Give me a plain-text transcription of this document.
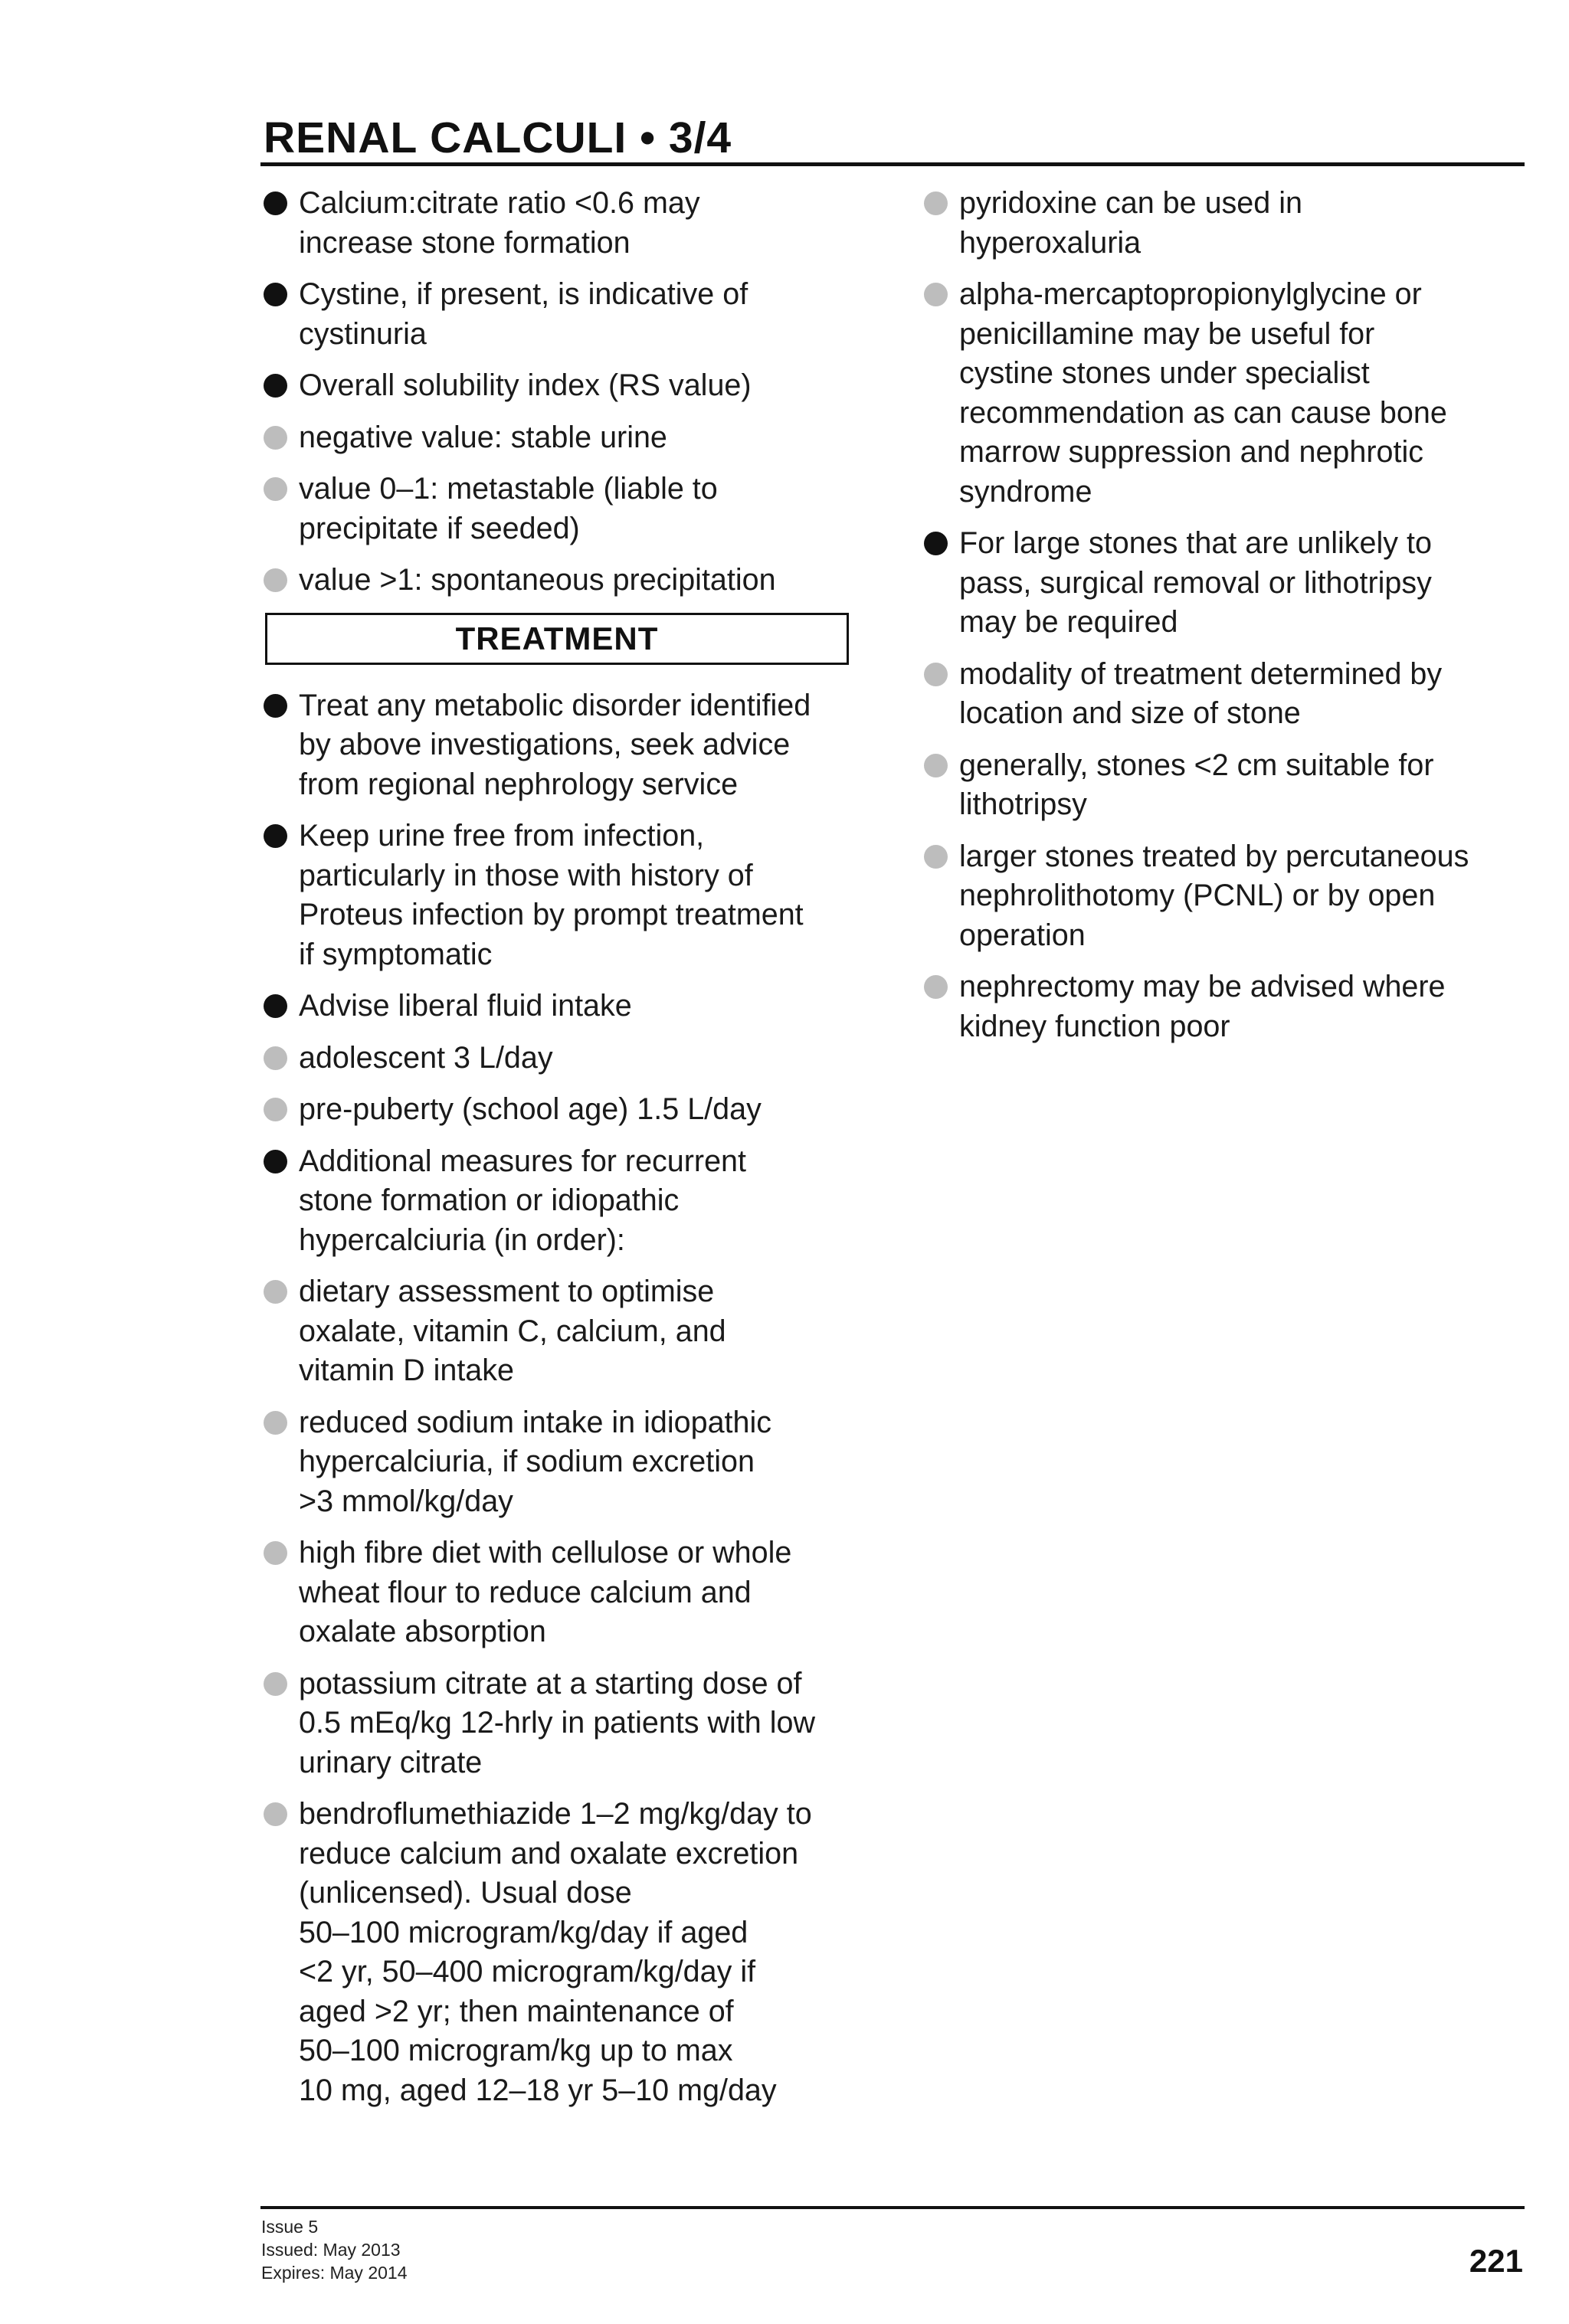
RENAL CALCULI • 3/4
Calcium:citrate ratio <0.6 may
increase stone formation
Cystine, if present, is indicative of
cystinuria
Overall solubility index (RS value)
negative value: stable urine
value 0–1: metastable (liable to
precipitate if seeded)
value >1: spontaneous precipitation
TREATMENT
Treat any metabolic disorder identified
by above investigations, seek advice
from regional nephrology service
Keep urine free from infection,
particularly in those with history of
Proteus infection by prompt treatment
if symptomatic
Advise liberal fluid intake
adolescent 3 L/day
pre-puberty (school age) 1.5 L/day
Additional measures for recurrent
stone formation or idiopathic
hypercalciuria (in order):
dietary assessment to optimise
oxalate, vitamin C, calcium, and
vitamin D intake
reduced sodium intake in idiopathic
hypercalciuria, if sodium excretion
>3 mmol/kg/day
high fibre diet with cellulose or whole
wheat flour to reduce calcium and
oxalate absorption
potassium citrate at a starting dose of
0.5 mEq/kg 12-hrly in patients with low
urinary citrate
bendroflumethiazide 1–2 mg/kg/day to
reduce calcium and oxalate excretion
(unlicensed). Usual dose
50–100 microgram/kg/day if aged
<2 yr, 50–400 microgram/kg/day if
aged >2 yr; then maintenance of
50–100 microgram/kg up to max
10 mg, aged 12–18 yr 5–10 mg/day
pyridoxine can be used in
hyperoxaluria
alpha-mercaptopropionylglycine or
penicillamine may be useful for
cystine stones under specialist
recommendation as can cause bone
marrow suppression and nephrotic
syndrome
For large stones that are unlikely to
pass, surgical removal or lithotripsy
may be required
modality of treatment determined by
location and size of stone
generally, stones <2 cm suitable for
lithotripsy
larger stones treated by percutaneous
nephrolithotomy (PCNL) or by open
operation
nephrectomy may be advised where
kidney function poor
Issue 5
Issued: May 2013
Expires: May 2014	221
